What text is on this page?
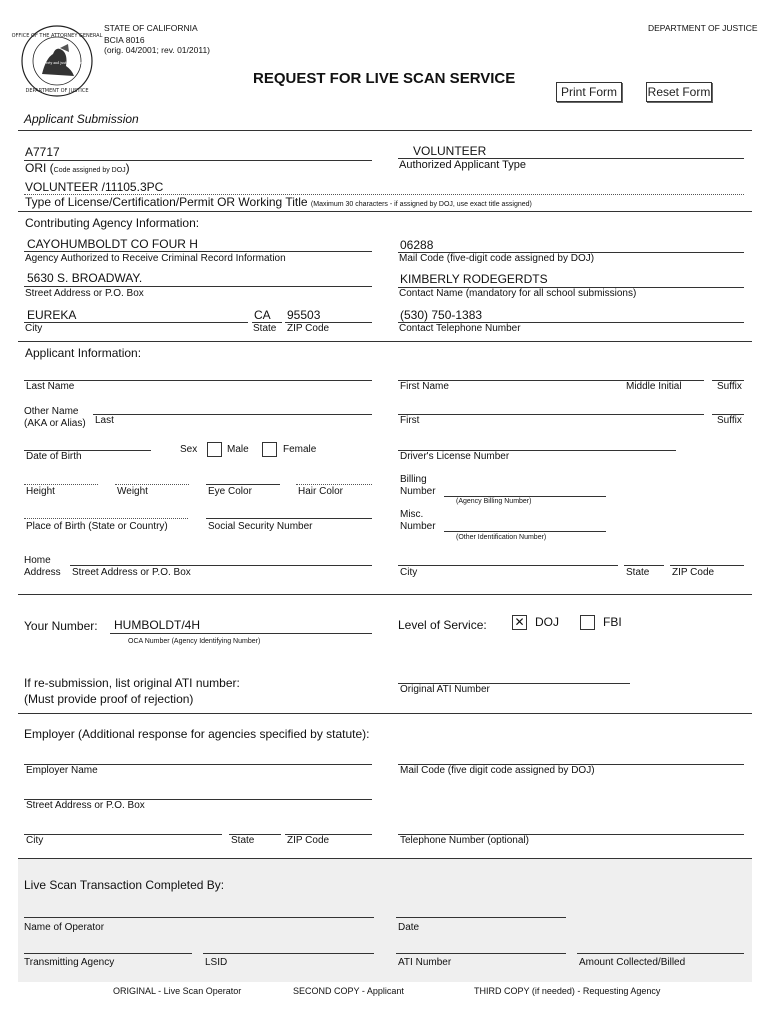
OFFICE OF THE ATTORNEY GENERAL
DEPARTMENT OF JUSTICE
liberty and justice under law
STATE OF CALIFORNIA
BCIA 8016
(orig. 04/2001; rev. 01/2011)
DEPARTMENT OF JUSTICE
REQUEST FOR LIVE SCAN SERVICE
Print Form	Reset Form
Applicant Submission
A7717
ORI (Code assigned by DOJ)
VOLUNTEER
Authorized Applicant Type
VOLUNTEER /11105.3PC
Type of License/Certification/Permit OR Working Title (Maximum 30 characters - if assigned by DOJ, use exact title assigned)
Contributing Agency Information:
CAYOHUMBOLDT CO FOUR H
Agency Authorized to Receive Criminal Record Information
06288
Mail Code (five-digit code assigned by DOJ)
5630 S. BROADWAY.
Street Address or P.O. Box
KIMBERLY RODEGERDTS
Contact Name (mandatory for all school submissions)
EUREKA
City
CA
State
95503
ZIP Code
(530) 750-1383
Contact Telephone Number
Applicant Information:
Last Name	First Name	Middle Initial	Suffix
Other Name
(AKA or Alias) Last	First	Suffix
Date of Birth
Sex	Male	Female
Driver's License Number
Height	Weight	Eye Color	Hair Color
Billing
Number
(Agency Billing Number)
Place of Birth (State or Country)	Social Security Number
Misc.
Number
(Other Identification Number)
Home
Address Street Address or P.O. Box	City	State ZIP Code
Your Number: HUMBOLDT/4H
OCA Number (Agency Identifying Number)
Level of Service: ✕ DOJ	FBI
If re-submission, list original ATI number:
(Must provide proof of rejection)
Original ATI Number
Employer (Additional response for agencies specified by statute):
Employer Name	Mail Code (five digit code assigned by DOJ)
Street Address or P.O. Box
City	State	ZIP Code	Telephone Number (optional)
Live Scan Transaction Completed By:
Name of Operator	Date
Transmitting Agency	LSID	ATI Number	Amount Collected/Billed
ORIGINAL - Live Scan Operator	SECOND COPY - Applicant	THIRD COPY (if needed) - Requesting Agency
